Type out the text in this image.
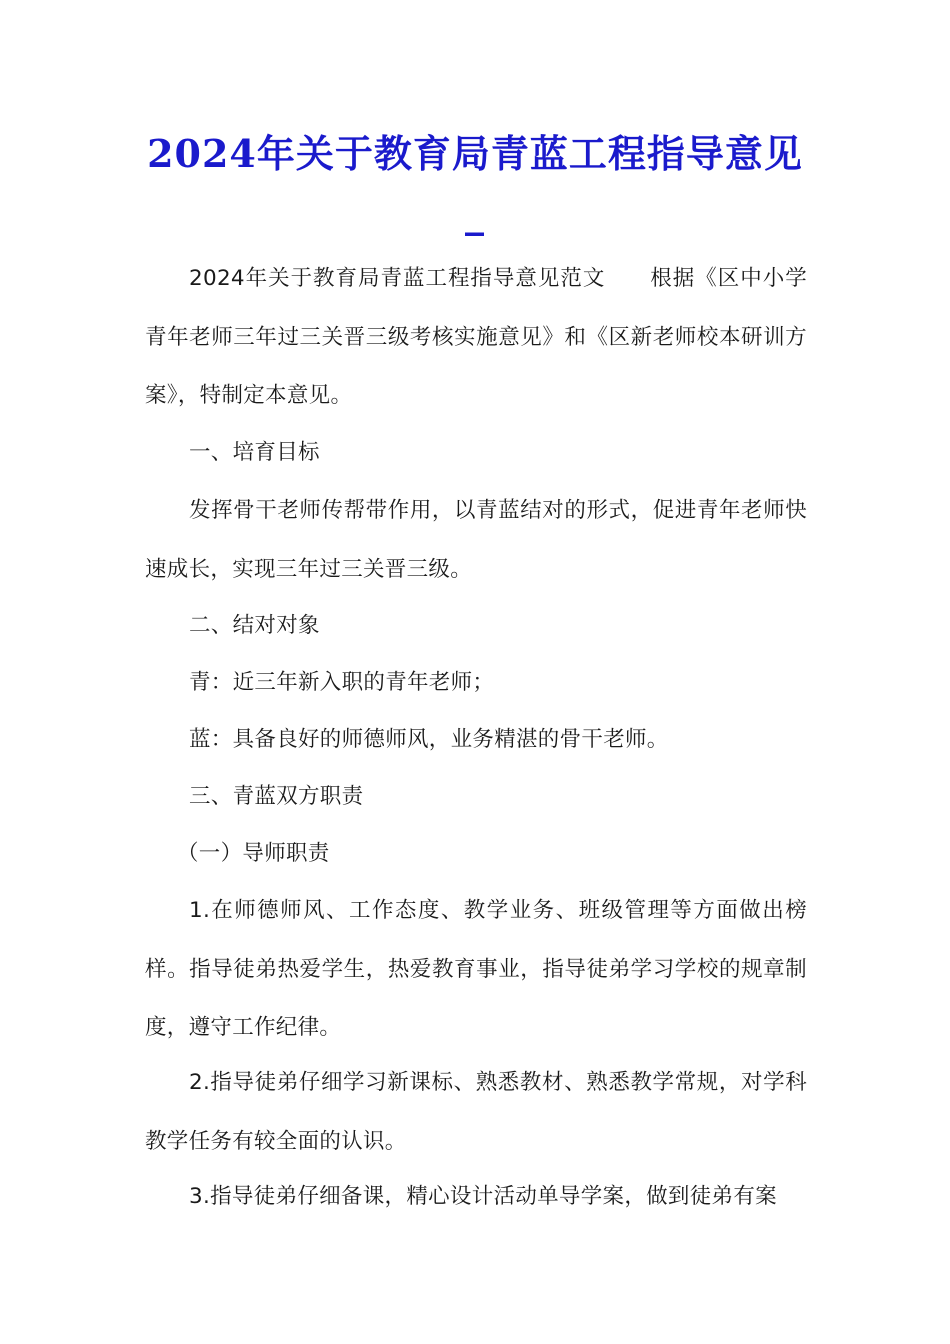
2024年关于教育局青蓝工程指导意见_

2024年关于教育局青蓝工程指导意见范文　　根据《区中小学青年老师三年过三关晋三级考核实施意见》和《区新老师校本研训方案》，特制定本意见。

一、培育目标

发挥骨干老师传帮带作用，以青蓝结对的形式，促进青年老师快速成长，实现三年过三关晋三级。

二、结对对象

青：近三年新入职的青年老师；

蓝：具备良好的师德师风，业务精湛的骨干老师。

三、青蓝双方职责

（一）导师职责

1.在师德师风、工作态度、教学业务、班级管理等方面做出榜样。指导徒弟热爱学生，热爱教育事业，指导徒弟学习学校的规章制度，遵守工作纪律。

2.指导徒弟仔细学习新课标、熟悉教材、熟悉教学常规，对学科教学任务有较全面的认识。

3.指导徒弟仔细备课，精心设计活动单导学案，做到徒弟有案
